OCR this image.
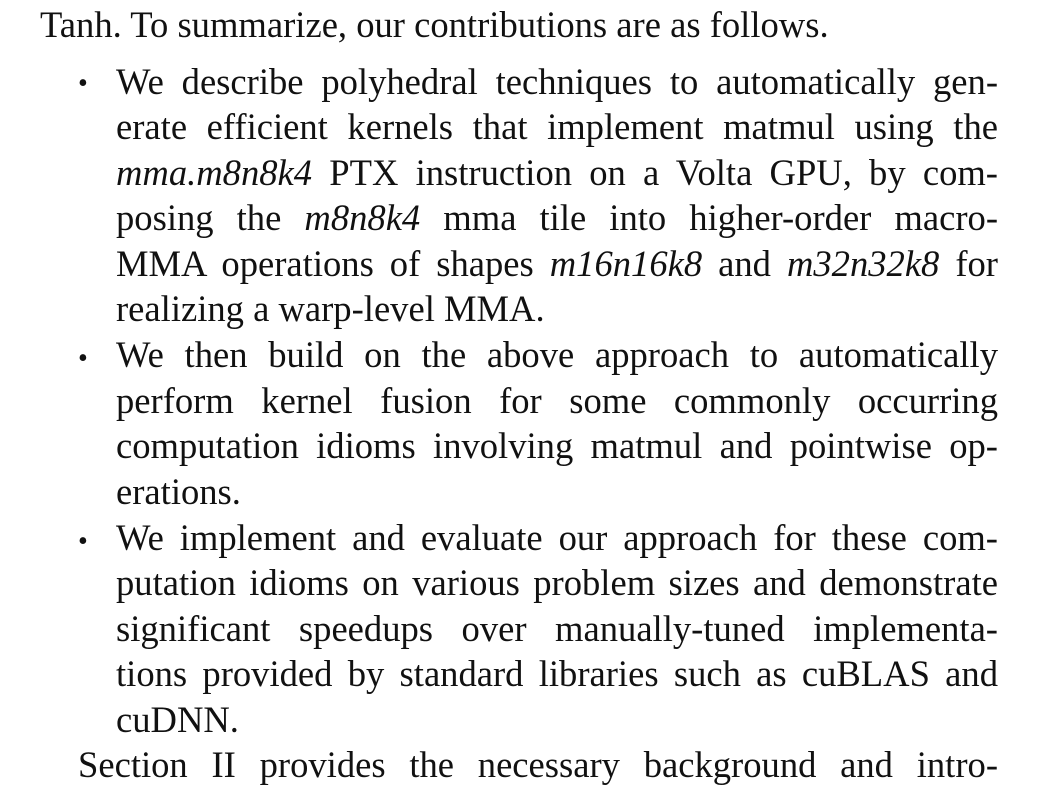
Tanh. To summarize, our contributions are as follows.
• We describe polyhedral techniques to automatically gen-
erate efficient kernels that implement matmul using the
mma.m8n8k4 PTX instruction on a Volta GPU, by com-
posing the m8n8k4 mma tile into higher-order macro-
MMA operations of shapes m16n16k8 and m32n32k8 for
realizing a warp-level MMA.
• We then build on the above approach to automatically
perform kernel fusion for some commonly occurring
computation idioms involving matmul and pointwise op-
erations.
• We implement and evaluate our approach for these com-
putation idioms on various problem sizes and demonstrate
significant speedups over manually-tuned implementa-
tions provided by standard libraries such as cuBLAS and
cuDNN.
Section II provides the necessary background and intro-
